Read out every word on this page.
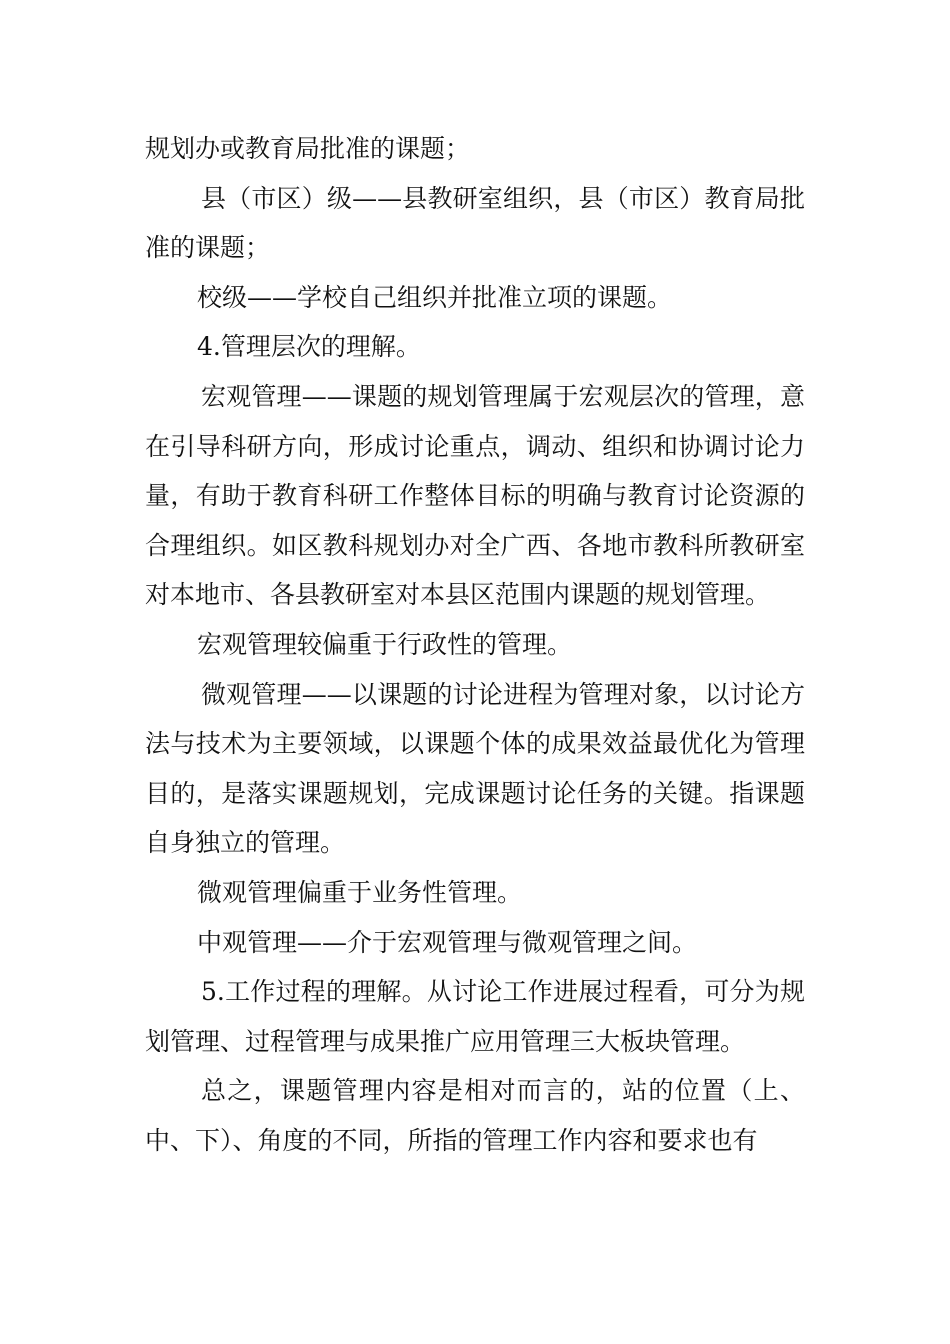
规划办或教育局批准的课题；

县（市区）级——县教研室组织，县（市区）教育局批准的课题；

校级——学校自己组织并批准立项的课题。

4.管理层次的理解。

宏观管理——课题的规划管理属于宏观层次的管理，意在引导科研方向，形成讨论重点，调动、组织和协调讨论力量，有助于教育科研工作整体目标的明确与教育讨论资源的合理组织。如区教科规划办对全广西、各地市教科所教研室对本地市、各县教研室对本县区范围内课题的规划管理。

宏观管理较偏重于行政性的管理。

微观管理——以课题的讨论进程为管理对象，以讨论方法与技术为主要领域，以课题个体的成果效益最优化为管理目的，是落实课题规划，完成课题讨论任务的关键。指课题自身独立的管理。

微观管理偏重于业务性管理。

中观管理——介于宏观管理与微观管理之间。

5.工作过程的理解。从讨论工作进展过程看，可分为规划管理、过程管理与成果推广应用管理三大板块管理。

总之，课题管理内容是相对而言的，站的位置（上、中、下）、角度的不同，所指的管理工作内容和要求也有
